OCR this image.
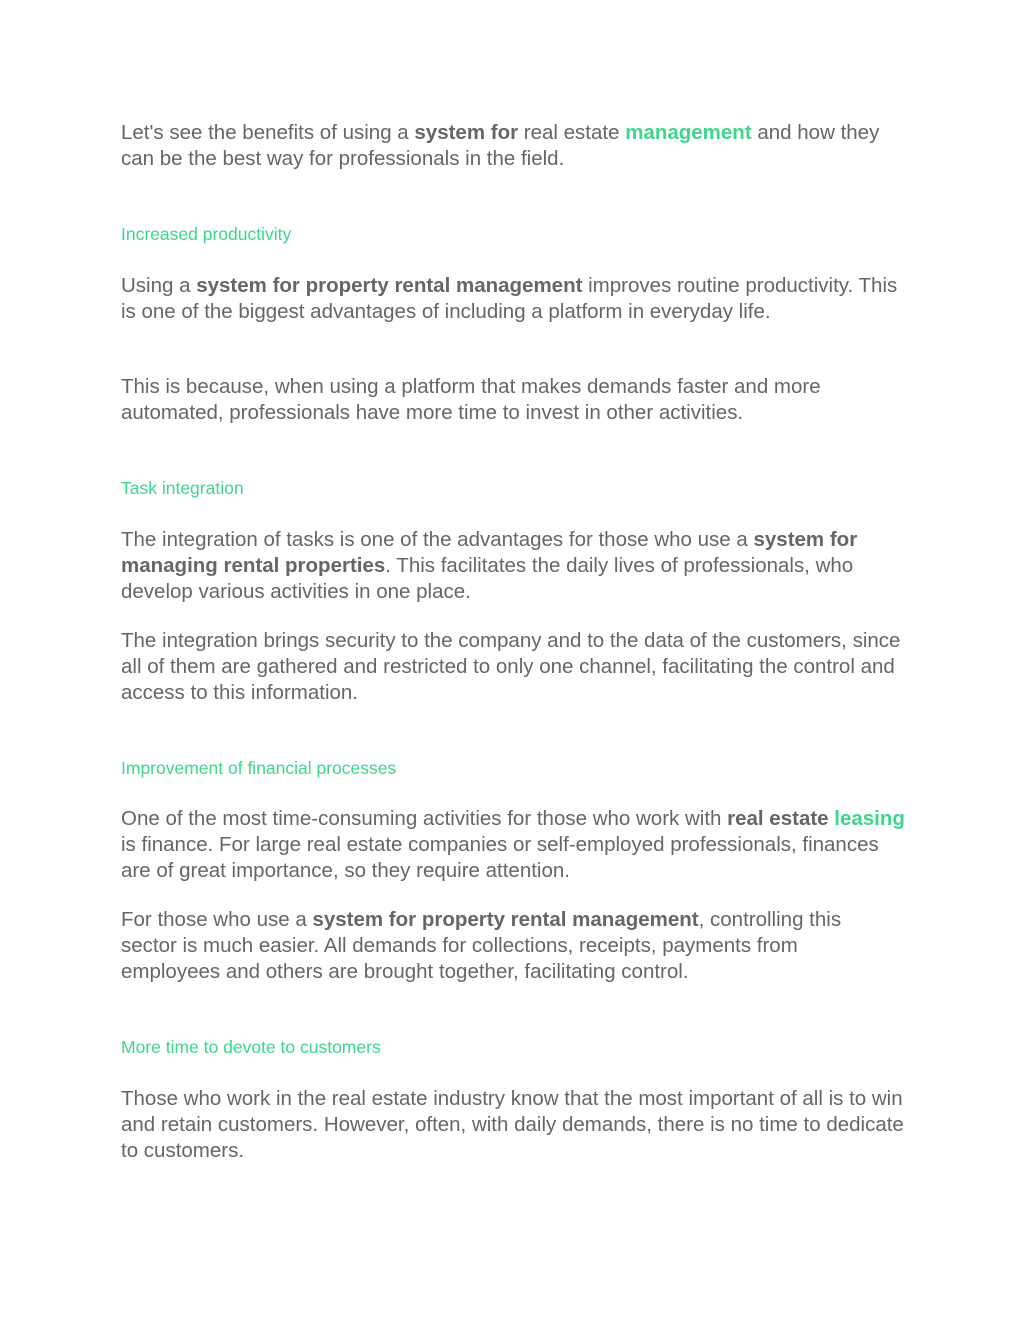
Let's see the benefits of using a system for real estate management and how they can be the best way for professionals in the field.

Increased productivity

Using a system for property rental management improves routine productivity. This is one of the biggest advantages of including a platform in everyday life.

This is because, when using a platform that makes demands faster and more automated, professionals have more time to invest in other activities.

Task integration

The integration of tasks is one of the advantages for those who use a system for managing rental properties. This facilitates the daily lives of professionals, who develop various activities in one place.

The integration brings security to the company and to the data of the customers, since all of them are gathered and restricted to only one channel, facilitating the control and access to this information.

Improvement of financial processes

One of the most time-consuming activities for those who work with real estate leasing is finance. For large real estate companies or self-employed professionals, finances are of great importance, so they require attention.

For those who use a system for property rental management, controlling this sector is much easier. All demands for collections, receipts, payments from employees and others are brought together, facilitating control.

More time to devote to customers

Those who work in the real estate industry know that the most important of all is to win and retain customers. However, often, with daily demands, there is no time to dedicate to customers.
